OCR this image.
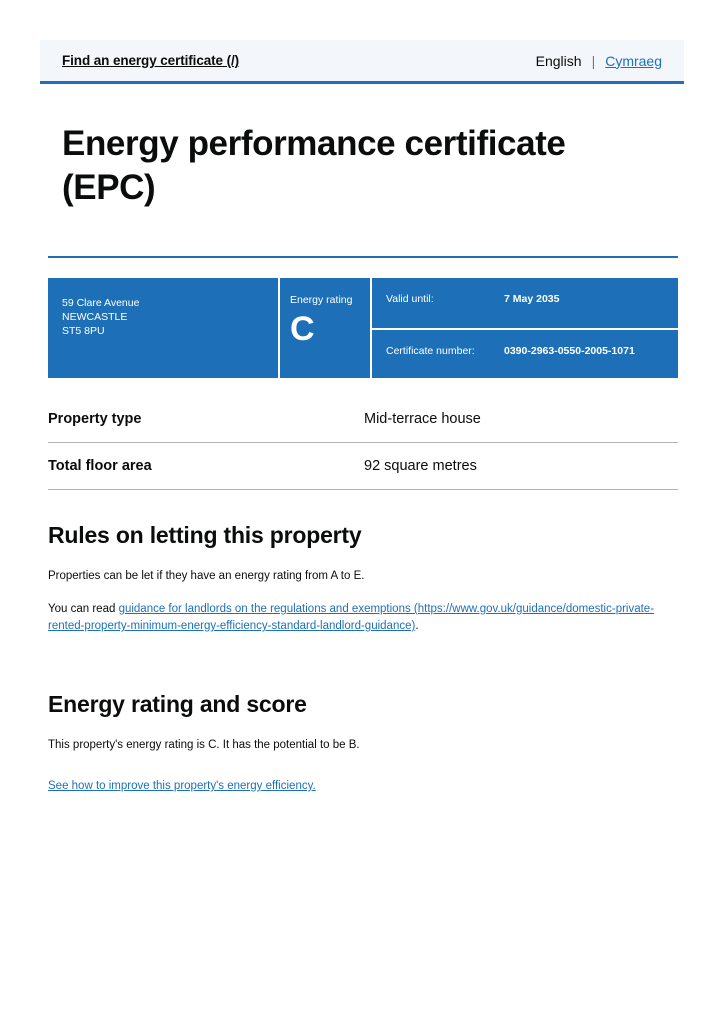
Find an energy certificate (/)	English | Cymraeg
Energy performance certificate (EPC)
59 Clare Avenue
NEWCASTLE
ST5 8PU
Energy rating
C
Valid until:	7 May 2035
Certificate number:	0390-2963-0550-2005-1071
Property type	Mid-terrace house
Total floor area	92 square metres
Rules on letting this property

Properties can be let if they have an energy rating from A to E.

You can read guidance for landlords on the regulations and exemptions (https://www.gov.uk/guidance/domestic-private-rented-property-minimum-energy-efficiency-standard-landlord-guidance).

Energy rating and score

This property's energy rating is C. It has the potential to be B.

See how to improve this property's energy efficiency.
